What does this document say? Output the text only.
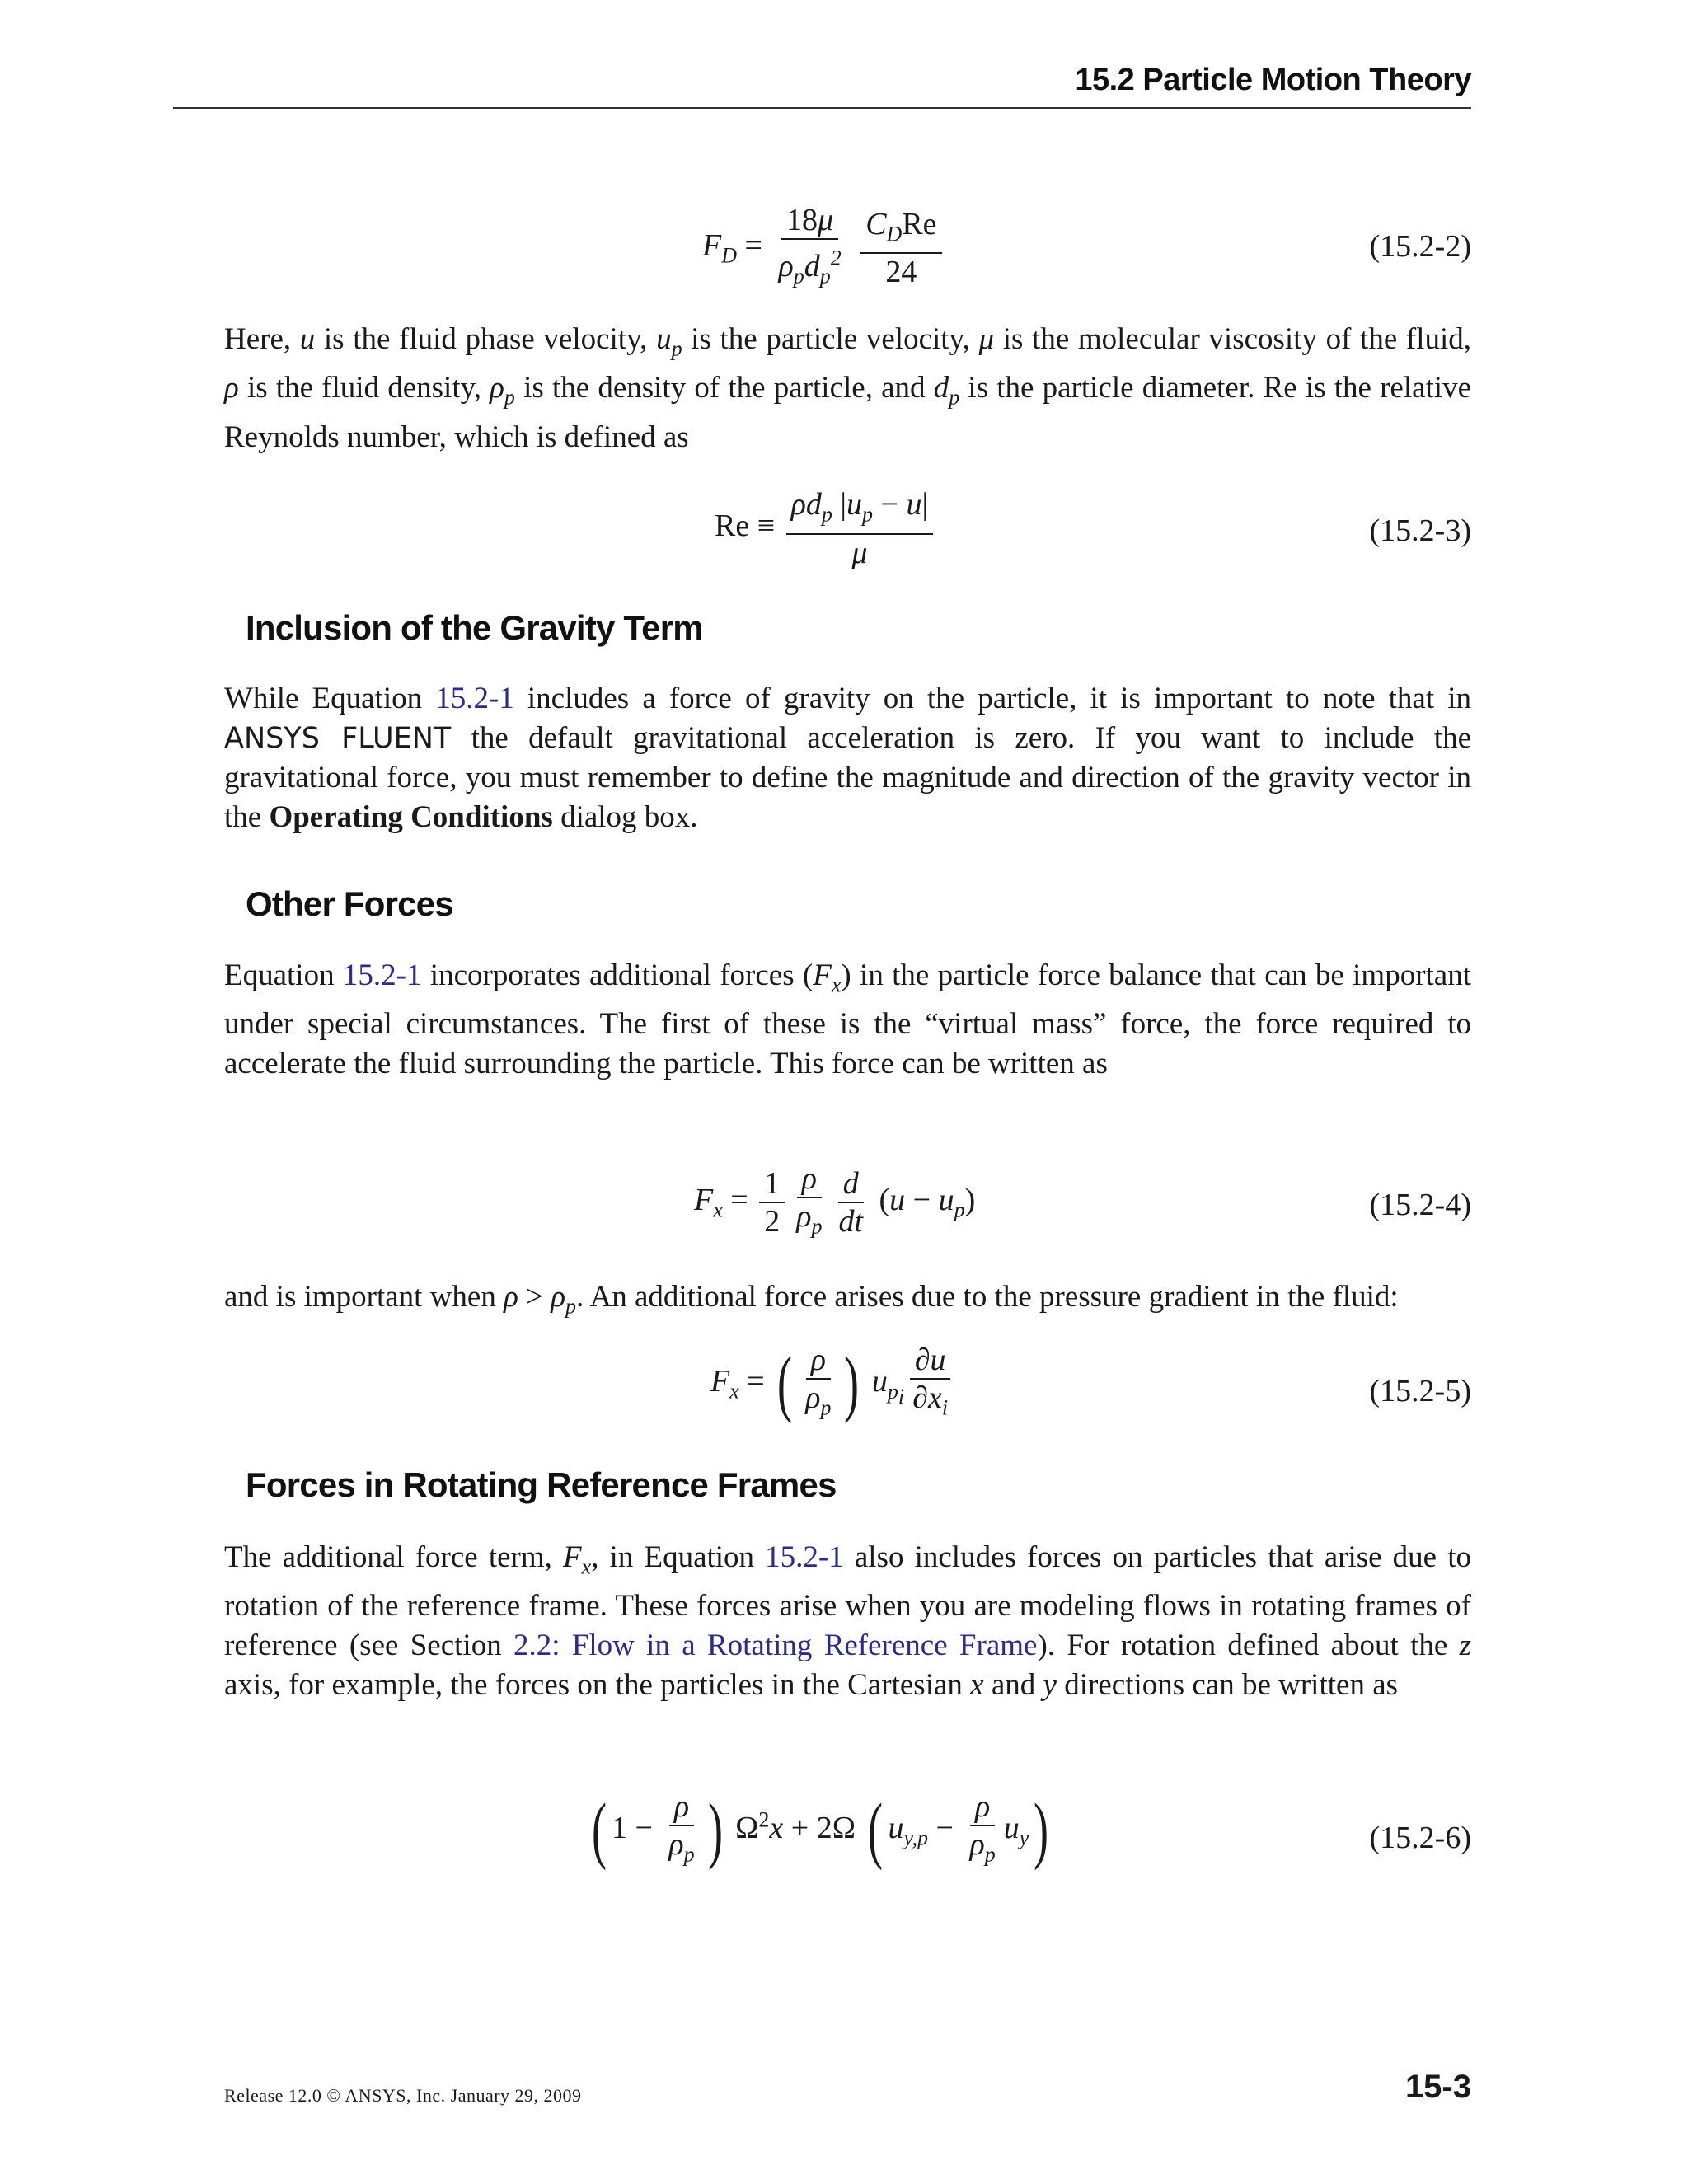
15.2 Particle Motion Theory
$F_D = \frac{18\mu}{\rho_pd_p^2}$
$\frac{C_DRe}{24}$	(15.2-2)
Here, u is the fluid phase velocity, $u_p$ is the particle velocity, μ is the molecular viscosity of the fluid, ρ is the fluid density, $\rho_p$ is the density of the particle, and $d_p$ is the particle diameter. Re is the relative Reynolds number, which is defined as
$Re \equiv \frac{\rho d_p |u_p - u|}{\mu}$	(15.2-3)
Inclusion of the Gravity Term
While Equation 15.2-1 includes a force of gravity on the particle, it is important to note that in ANSYS FLUENT the default gravitational acceleration is zero. If you want to include the gravitational force, you must remember to define the magnitude and direction of the gravity vector in the Operating Conditions dialog box.
Other Forces
Equation 15.2-1 incorporates additional forces $(F_x)$ in the particle force balance that can be important under special circumstances. The first of these is the “virtual mass” force, the force required to accelerate the fluid surrounding the particle. This force can be written as
$F_x = \frac{1}{2} \frac{\rho}{\rho_p} \frac{d}{dt} (u - u_p)$	(15.2-4)
and is important when $\rho > \rho_p$. An additional force arises due to the pressure gradient in the fluid:
$F_x$ = ( $\frac{\rho}{\rho_p}$ ) $u_{p_i} \frac{\partial u}{\partial x_i}$	(15.2-5)
Forces in Rotating Reference Frames
The additional force term, $F_x$, in Equation 15.2-1 also includes forces on particles that arise due to rotation of the reference frame. These forces arise when you are modeling flows in rotating frames of reference (see Section 2.2: Flow in a Rotating Reference Frame). For rotation defined about the z axis, for example, the forces on the particles in the Cartesian x and y directions can be written as
( $1 - \frac{\rho}{\rho_p}$ ) $\Omega^2x + 2\Omega$ ( $u_{y,p} - \frac{\rho}{\rho_p} u_y$)	(15.2-6)
Release 12.0 © ANSYS, Inc. January 29, 2009	15-3
